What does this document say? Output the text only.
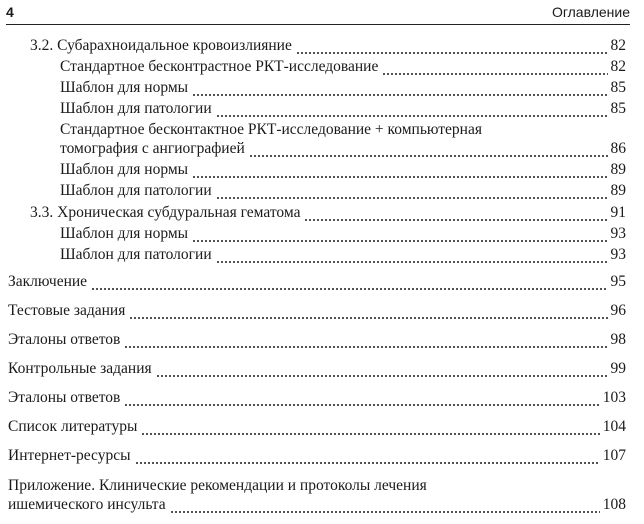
4	Оглавление
3.2. Субарахноидальное кровоизлияние	82
Стандартное бесконтрастное РКТ-исследование	82
Шаблон для нормы	85
Шаблон для патологии	85
Стандартное бесконтактное РКТ-исследование + компьютерная
томография с ангиографией	86
Шаблон для нормы	89
Шаблон для патологии	89
3.3. Хроническая субдуральная гематома	91
Шаблон для нормы	93
Шаблон для патологии	93
Заключение	95
Тестовые задания	96
Эталоны ответов	98
Контрольные задания	99
Эталоны ответов	103
Список литературы	104
Интернет-ресурсы	107
Приложение. Клинические рекомендации и протоколы лечения
ишемического инсульта	108
